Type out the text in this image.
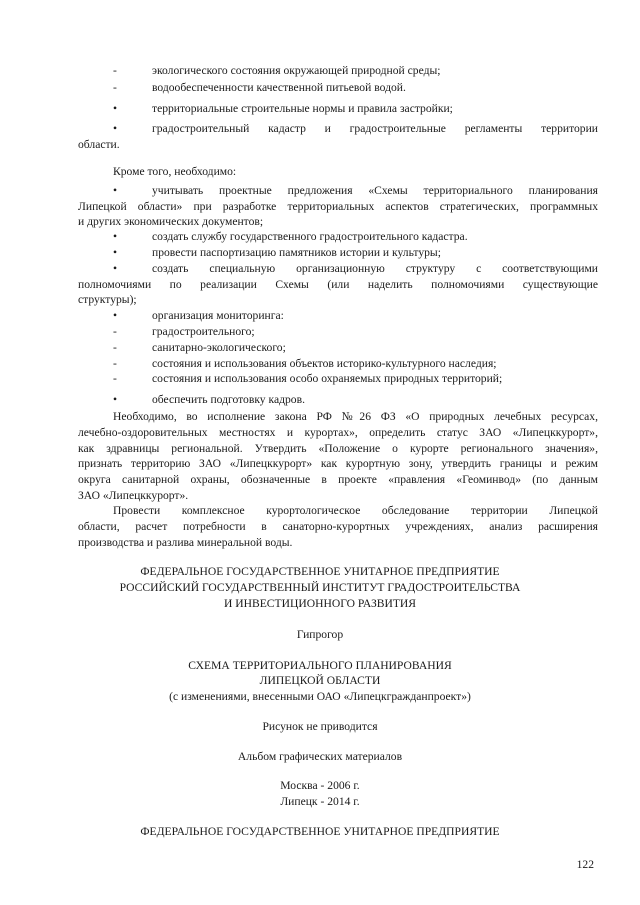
-	экологического состояния окружающей природной среды;
-	водообеспеченности качественной питьевой водой.
•	территориальные строительные нормы и правила застройки;
•	градостроительный кадастр и градостроительные регламенты территории
области.
Кроме того, необходимо:
•	учитывать проектные предложения «Схемы территориального планирования
Липецкой области» при разработке территориальных аспектов стратегических, программных
и других экономических документов;
•	создать службу государственного градостроительного кадастра.
•	провести паспортизацию памятников истории и культуры;
•	создать специальную организационную структуру с соответствующими
полномочиями по реализации Схемы (или наделить полномочиями существующие
структуры);
•	организация мониторинга:
-	градостроительного;
-	санитарно-экологического;
-	состояния и использования объектов историко-культурного наследия;
-	состояния и использования особо охраняемых природных территорий;
•	обеспечить подготовку кадров.
Необходимо, во исполнение закона РФ №26 ФЗ «О природных лечебных ресурсах,
лечебно-оздоровительных местностях и курортах», определить статус ЗАО «Липецккурорт»,
как здравницы региональной. Утвердить «Положение о курорте регионального значения»,
признать территорию ЗАО «Липецккурорт» как курортную зону, утвердить границы и режим
округа санитарной охраны, обозначенные в проекте «правления «Геоминвод» (по данным
ЗАО «Липецккурорт».
Провести комплексное курортологическое обследование территории Липецкой
области, расчет потребности в санаторно-курортных учреждениях, анализ расширения
производства и разлива минеральной воды.
ФЕДЕРАЛЬНОЕ ГОСУДАРСТВЕННОЕ УНИТАРНОЕ ПРЕДПРИЯТИЕ
РОССИЙСКИЙ ГОСУДАРСТВЕННЫЙ ИНСТИТУТ ГРАДОСТРОИТЕЛЬСТВА
И ИНВЕСТИЦИОННОГО РАЗВИТИЯ
Гипрогор
СХЕМА ТЕРРИТОРИАЛЬНОГО ПЛАНИРОВАНИЯ
ЛИПЕЦКОЙ ОБЛАСТИ
(с изменениями, внесенными ОАО «Липецкгражданпроект»)
Рисунок не приводится
Альбом графических материалов
Москва - 2006 г.
Липецк - 2014 г.
ФЕДЕРАЛЬНОЕ ГОСУДАРСТВЕННОЕ УНИТАРНОЕ ПРЕДПРИЯТИЕ
122
